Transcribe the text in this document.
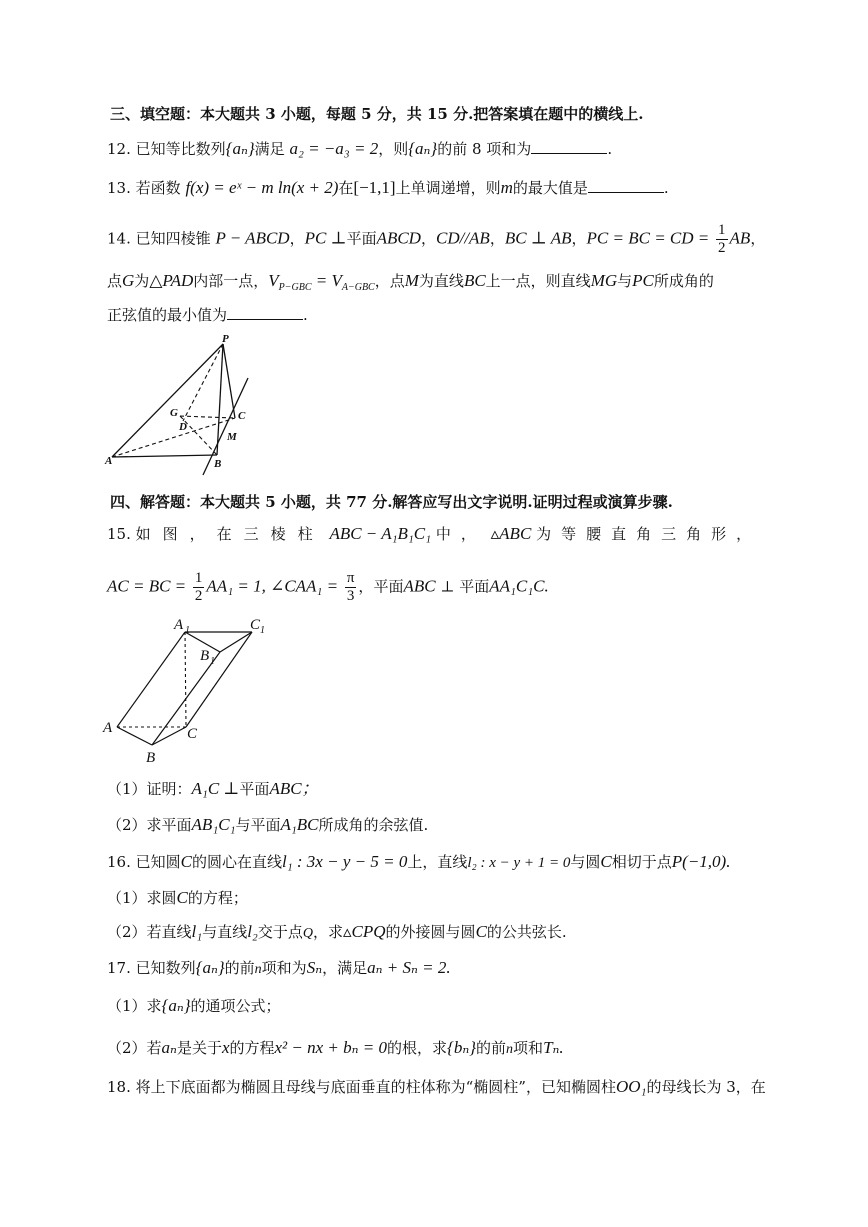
三、填空题：本大题共 3 小题，每题 5 分，共 15 分.把答案填在题中的横线上.
12. 已知等比数列{aₙ}满足 a₂ = −a₃ = 2，则{aₙ}的前 8 项和为	.
13. 若函数 f(x) = eˣ − m ln(x + 2)在[−1,1]上单调递增，则m的最大值是	.
14. 已知四棱锥 P − ABCD，PC ⊥平面ABCD，CD//AB，BC ⊥ AB，PC = BC = CD = $\frac{1}{2}$ AB，
点G为△PAD内部一点，$V_{P-GBC} = V_{A-GBC}$，点M为直线BC上一点，则直线MG与PC所成角的
正弦值的最小值为	.
P
G
D
C
M
A	B
四、解答题：本大题共 5 小题，共 77 分.解答应写出文字说明.证明过程或演算步骤.
15. 如图，在三棱柱 ABC − A₁B₁C₁ 中， ▵ABC 为等腰直角三角形，
AC = BC = $\frac{1}{2} AA_1 = 1$, ∠CAA₁ = $\frac{\pi}{3}$ ，平面ABC ⊥ 平面AA₁C₁C.
A 1	C 1
B 1
A	C
B
（1）证明：A₁C ⊥平面ABC；
（2）求平面AB₁C₁与平面A₁BC所成角的余弦值.
16. 已知圆C的圆心在直线l₁ : 3x − y − 5 = 0上，直线l₂ : x − y + 1 = 0与圆C相切于点P(−1,0).
（1）求圆C的方程；
（2）若直线l₁与直线l₂交于点Q，求▵CPQ的外接圆与圆C的公共弦长.
17. 已知数列{aₙ}的前n项和为Sₙ，满足aₙ + Sₙ = 2.
（1）求{aₙ}的通项公式；
（2）若aₙ是关于x的方程x² − nx + bₙ = 0的根，求{bₙ}的前n项和Tₙ.
18. 将上下底面都为椭圆且母线与底面垂直的柱体称为“椭圆柱”，已知椭圆柱OO₁的母线长为 3，在
